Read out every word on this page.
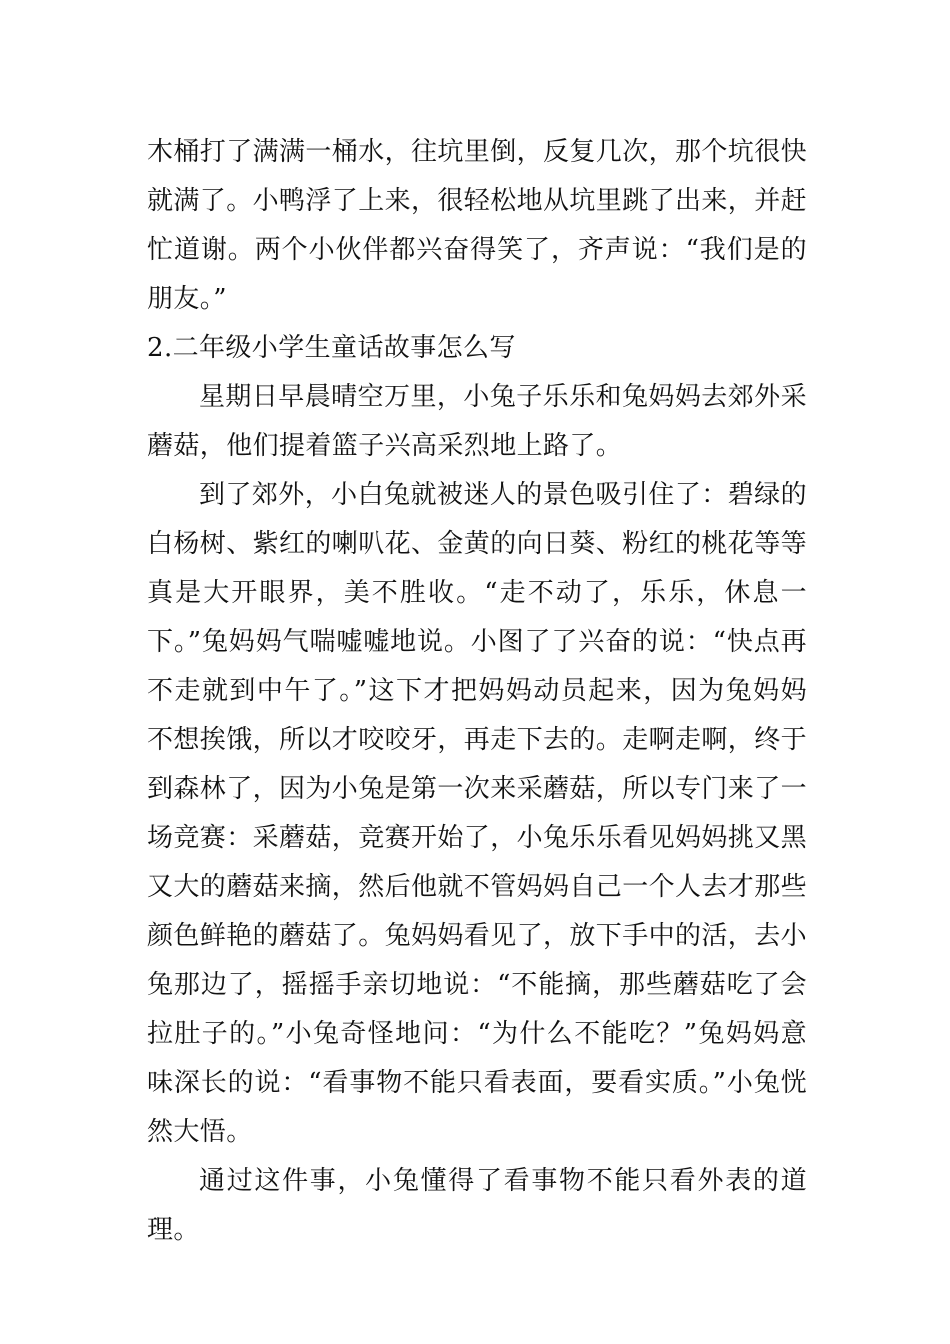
木桶打了满满一桶水，往坑里倒，反复几次，那个坑很快就满了。小鸭浮了上来，很轻松地从坑里跳了出来，并赶忙道谢。两个小伙伴都兴奋得笑了，齐声说：“我们是的朋友。”

2.二年级小学生童话故事怎么写

星期日早晨晴空万里，小兔子乐乐和兔妈妈去郊外采蘑菇，他们提着篮子兴高采烈地上路了。

到了郊外，小白兔就被迷人的景色吸引住了：碧绿的白杨树、紫红的喇叭花、金黄的向日葵、粉红的桃花等等真是大开眼界，美不胜收。“走不动了，乐乐，休息一下。”兔妈妈气喘嘘嘘地说。小图了了兴奋的说：“快点再不走就到中午了。”这下才把妈妈动员起来，因为兔妈妈不想挨饿，所以才咬咬牙，再走下去的。走啊走啊，终于到森林了，因为小兔是第一次来采蘑菇，所以专门来了一场竞赛：采蘑菇，竞赛开始了，小兔乐乐看见妈妈挑又黑又大的蘑菇来摘，然后他就不管妈妈自己一个人去才那些颜色鲜艳的蘑菇了。兔妈妈看见了，放下手中的活，去小兔那边了，摇摇手亲切地说：“不能摘，那些蘑菇吃了会拉肚子的。”小兔奇怪地问：“为什么不能吃？”兔妈妈意味深长的说：“看事物不能只看表面，要看实质。”小兔恍然大悟。

通过这件事，小兔懂得了看事物不能只看外表的道理。
